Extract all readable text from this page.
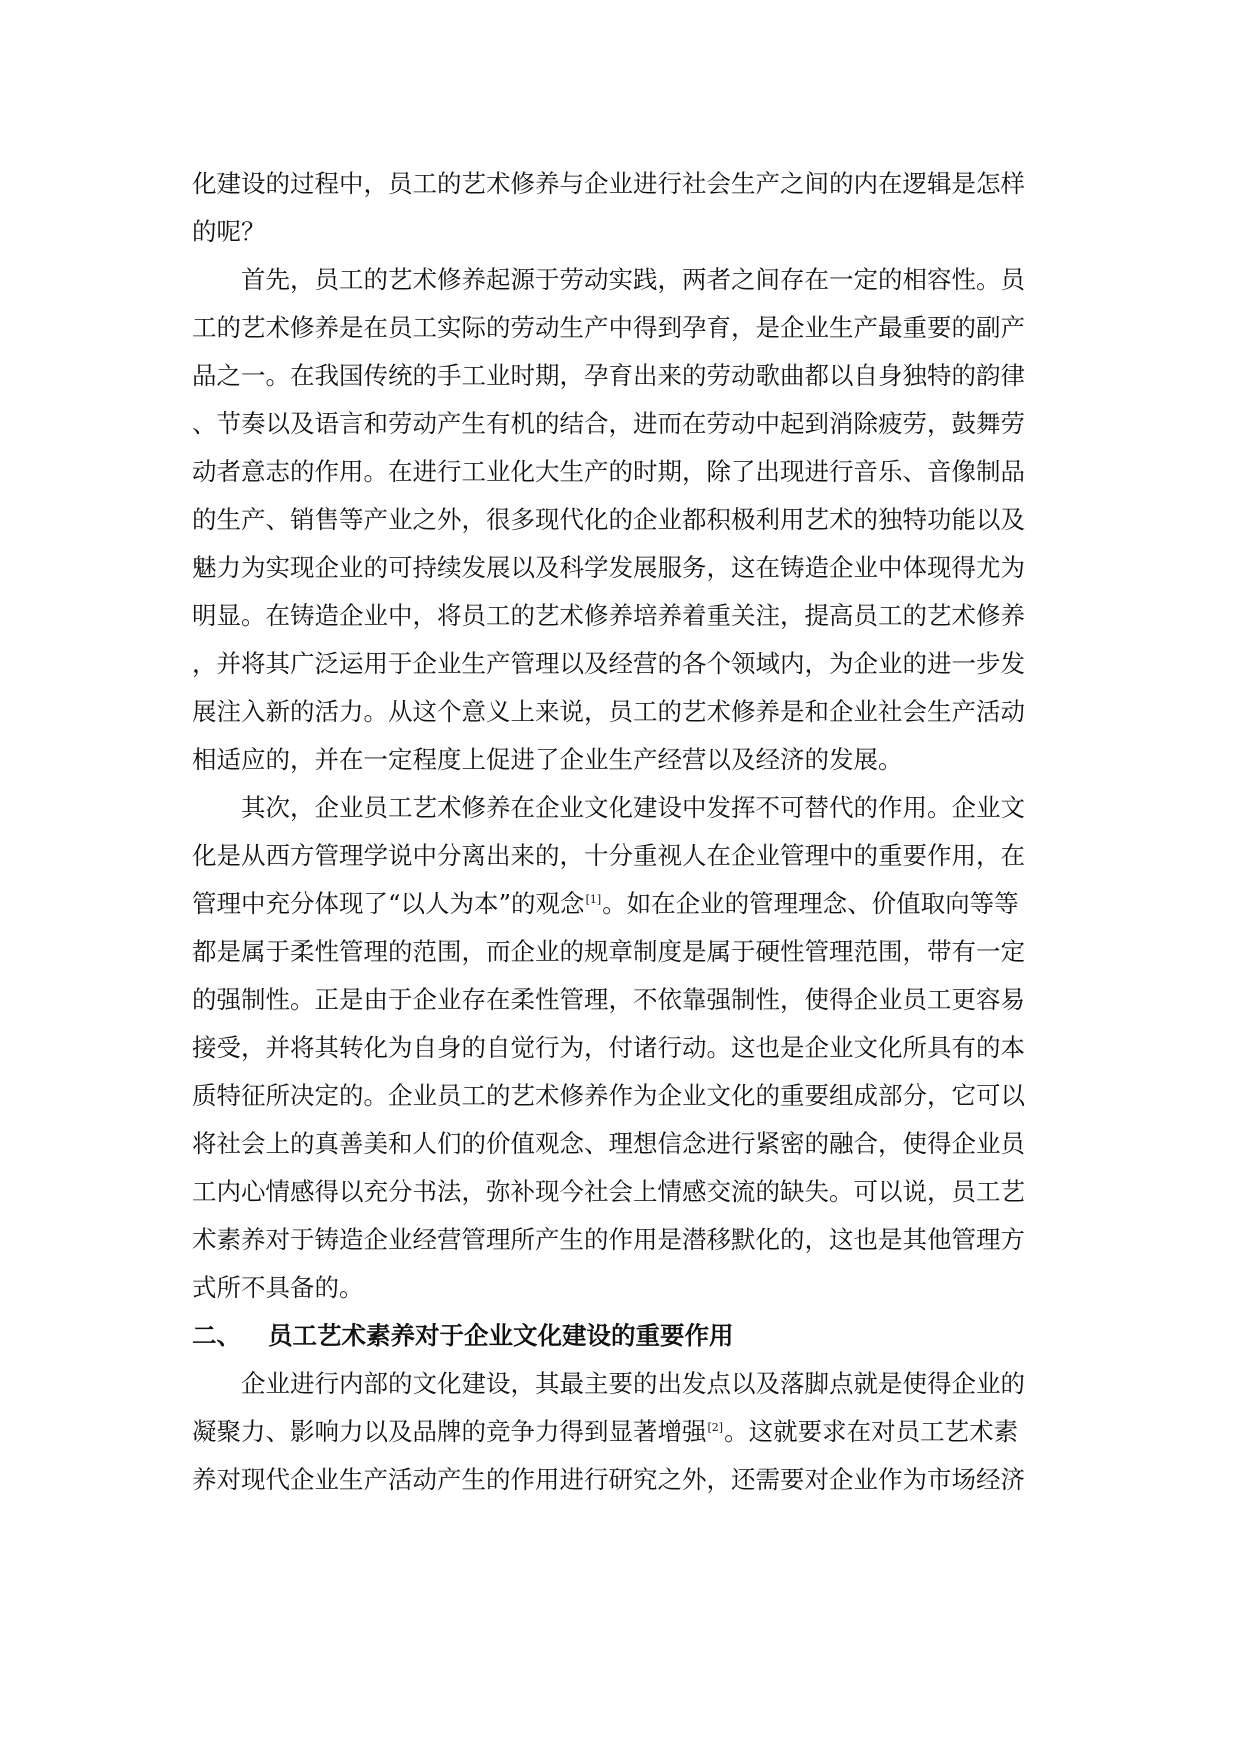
化建设的过程中，员工的艺术修养与企业进行社会生产之间的内在逻辑是怎样
的呢？
首先，员工的艺术修养起源于劳动实践，两者之间存在一定的相容性。员
工的艺术修养是在员工实际的劳动生产中得到孕育，是企业生产最重要的副产
品之一。在我国传统的手工业时期，孕育出来的劳动歌曲都以自身独特的韵律
、节奏以及语言和劳动产生有机的结合，进而在劳动中起到消除疲劳，鼓舞劳
动者意志的作用。在进行工业化大生产的时期，除了出现进行音乐、音像制品
的生产、销售等产业之外，很多现代化的企业都积极利用艺术的独特功能以及
魅力为实现企业的可持续发展以及科学发展服务，这在铸造企业中体现得尤为
明显。在铸造企业中，将员工的艺术修养培养着重关注，提高员工的艺术修养
，并将其广泛运用于企业生产管理以及经营的各个领域内，为企业的进一步发
展注入新的活力。从这个意义上来说，员工的艺术修养是和企业社会生产活动
相适应的，并在一定程度上促进了企业生产经营以及经济的发展。
其次，企业员工艺术修养在企业文化建设中发挥不可替代的作用。企业文
化是从西方管理学说中分离出来的，十分重视人在企业管理中的重要作用，在
管理中充分体现了“以人为本”的观念[1]。如在企业的管理理念、价值取向等等
都是属于柔性管理的范围，而企业的规章制度是属于硬性管理范围，带有一定
的强制性。正是由于企业存在柔性管理，不依靠强制性，使得企业员工更容易
接受，并将其转化为自身的自觉行为，付诸行动。这也是企业文化所具有的本
质特征所决定的。企业员工的艺术修养作为企业文化的重要组成部分，它可以
将社会上的真善美和人们的价值观念、理想信念进行紧密的融合，使得企业员
工内心情感得以充分书法，弥补现今社会上情感交流的缺失。可以说，员工艺
术素养对于铸造企业经营管理所产生的作用是潜移默化的，这也是其他管理方
式所不具备的。
二、 员工艺术素养对于企业文化建设的重要作用
企业进行内部的文化建设，其最主要的出发点以及落脚点就是使得企业的
凝聚力、影响力以及品牌的竞争力得到显著增强[2]。这就要求在对员工艺术素
养对现代企业生产活动产生的作用进行研究之外，还需要对企业作为市场经济
